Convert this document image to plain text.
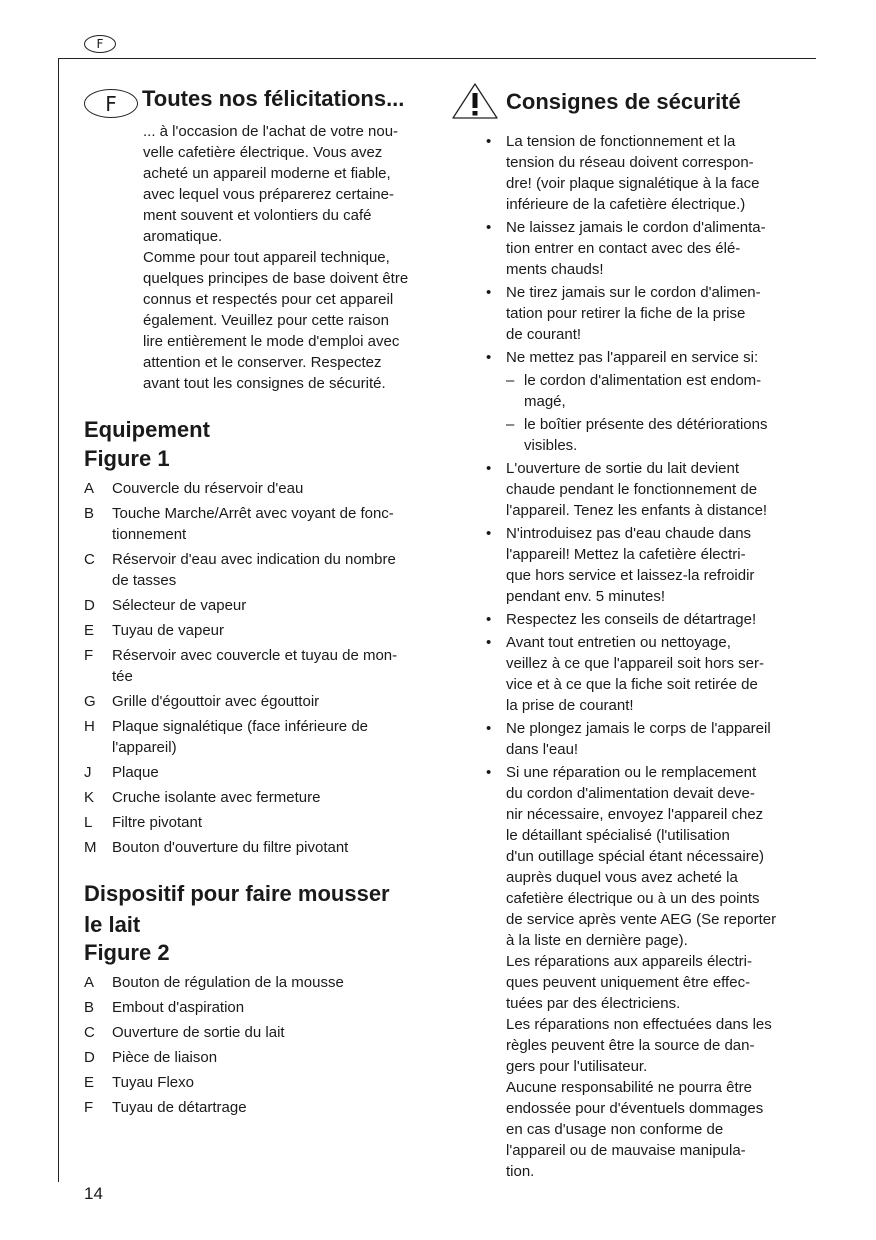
F
F Toutes nos félicitations...

... à l'occasion de l'achat de votre nou-
velle cafetière électrique. Vous avez
acheté un appareil moderne et fiable,
avec lequel vous préparerez certaine-
ment souvent et volontiers du café
aromatique.
Comme pour tout appareil technique,
quelques principes de base doivent être
connus et respectés pour cet appareil
également. Veuillez pour cette raison
lire entièrement le mode d'emploi avec
attention et le conserver. Respectez
avant tout les consignes de sécurité.

Equipement
Figure 1
A	Couvercle du réservoir d'eau
B	Touche Marche/Arrêt avec voyant de fonc-
tionnement
C	Réservoir d'eau avec indication du nombre
de tasses
D	Sélecteur de vapeur
E	Tuyau de vapeur
F	Réservoir avec couvercle et tuyau de mon-
tée
G	Grille d'égouttoir avec égouttoir
H	Plaque signalétique (face inférieure de
l'appareil)
J	Plaque
K	Cruche isolante avec fermeture
L	Filtre pivotant
M	Bouton d'ouverture du filtre pivotant
Dispositif pour faire mousser
le lait
Figure 2
A	Bouton de régulation de la mousse
B	Embout d'aspiration
C	Ouverture de sortie du lait
D	Pièce de liaison
E	Tuyau Flexo
F	Tuyau de détartrage
Consignes de sécurité
• La tension de fonctionnement et la
tension du réseau doivent correspon-
dre! (voir plaque signalétique à la face
inférieure de la cafetière électrique.)
• Ne laissez jamais le cordon d'alimenta-
tion entrer en contact avec des élé-
ments chauds!
• Ne tirez jamais sur le cordon d'alimen-
tation pour retirer la fiche de la prise
de courant!
• Ne mettez pas l'appareil en service si:
– le cordon d'alimentation est endom-
magé,
– le boîtier présente des détériorations
visibles.
• L'ouverture de sortie du lait devient
chaude pendant le fonctionnement de
l'appareil. Tenez les enfants à distance!
• N'introduisez pas d'eau chaude dans
l'appareil! Mettez la cafetière électri-
que hors service et laissez-la refroidir
pendant env. 5 minutes!
• Respectez les conseils de détartrage!
• Avant tout entretien ou nettoyage,
veillez à ce que l'appareil soit hors ser-
vice et à ce que la fiche soit retirée de
la prise de courant!
• Ne plongez jamais le corps de l'appareil
dans l'eau!
• Si une réparation ou le remplacement
du cordon d'alimentation devait deve-
nir nécessaire, envoyez l'appareil chez
le détaillant spécialisé (l'utilisation
d'un outillage spécial étant nécessaire)
auprès duquel vous avez acheté la
cafetière électrique ou à un des points
de service après vente AEG (Se reporter
à la liste en dernière page).
Les réparations aux appareils électri-
ques peuvent uniquement être effec-
tuées par des électriciens.
Les réparations non effectuées dans les
règles peuvent être la source de dan-
gers pour l'utilisateur.
Aucune responsabilité ne pourra être
endossée pour d'éventuels dommages
en cas d'usage non conforme de
l'appareil ou de mauvaise manipula-
tion.
14
